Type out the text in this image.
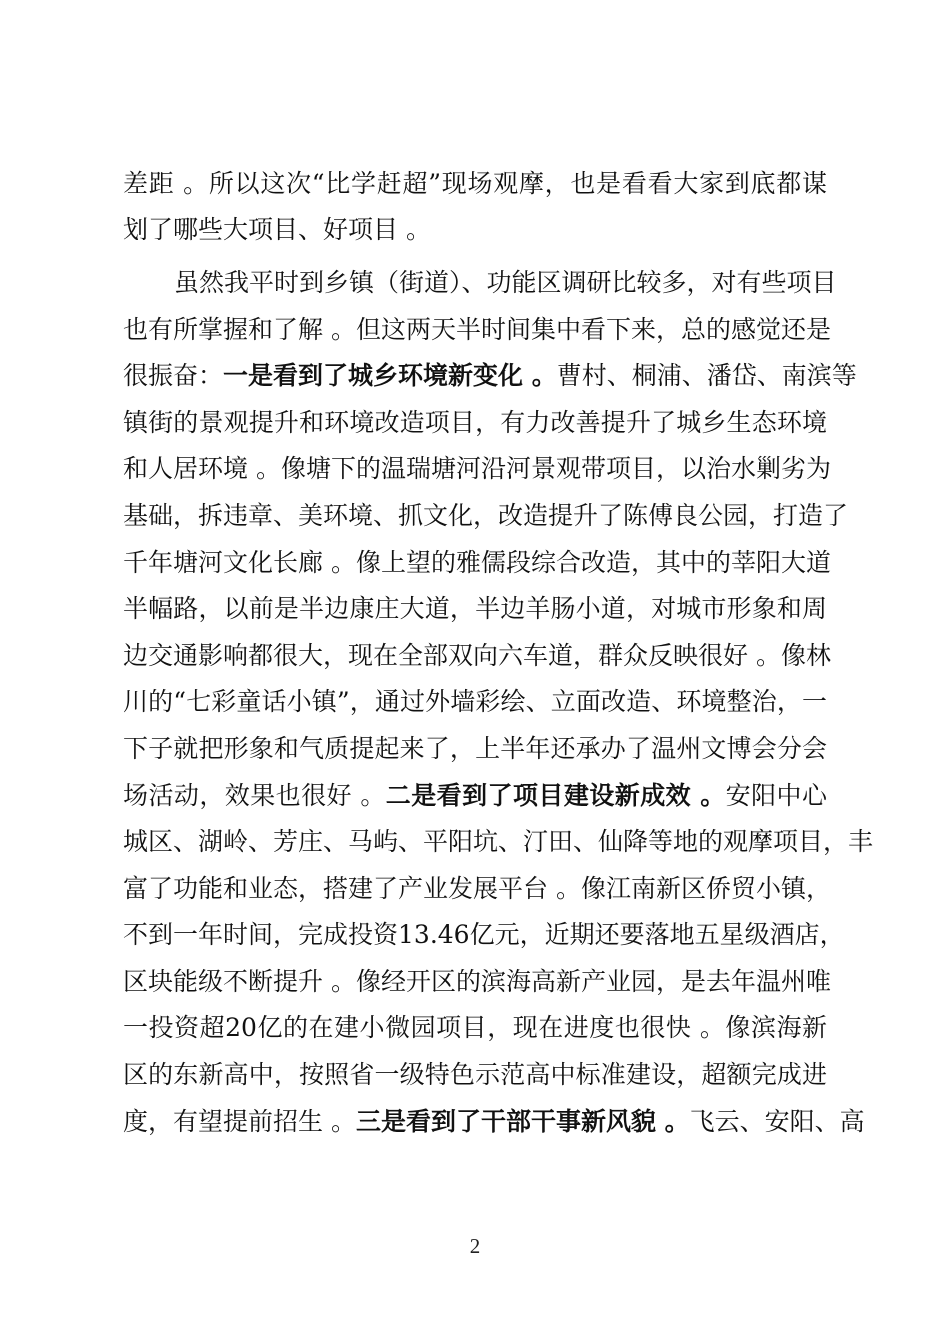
差距 。所以这次“比学赶超”现场观摩，也是看看大家到底都谋
划了哪些大项目、好项目 。
虽然我平时到乡镇（街道）、功能区调研比较多，对有些项目
也有所掌握和了解 。但这两天半时间集中看下来，总的感觉还是
很振奋：一是看到了城乡环境新变化 。曹村、桐浦、潘岱、南滨等
镇街的景观提升和环境改造项目，有力改善提升了城乡生态环境
和人居环境 。像塘下的温瑞塘河沿河景观带项目，以治水剿劣为
基础，拆违章、美环境、抓文化，改造提升了陈傅良公园，打造了
千年塘河文化长廊 。像上望的雅儒段综合改造，其中的莘阳大道
半幅路，以前是半边康庄大道，半边羊肠小道，对城市形象和周
边交通影响都很大，现在全部双向六车道，群众反映很好 。像林
川的“七彩童话小镇”，通过外墙彩绘、立面改造、环境整治，一
下子就把形象和气质提起来了，上半年还承办了温州文博会分会
场活动，效果也很好 。二是看到了项目建设新成效 。安阳中心
城区、湖岭、芳庄、马屿、平阳坑、汀田、仙降等地的观摩项目，丰
富了功能和业态，搭建了产业发展平台 。像江南新区侨贸小镇，
不到一年时间，完成投资13.46亿元，近期还要落地五星级酒店，
区块能级不断提升 。像经开区的滨海高新产业园，是去年温州唯
一投资超20亿的在建小微园项目，现在进度也很快 。像滨海新
区的东新高中，按照省一级特色示范高中标准建设，超额完成进
度，有望提前招生 。三是看到了干部干事新风貌 。飞云、安阳、高
2
